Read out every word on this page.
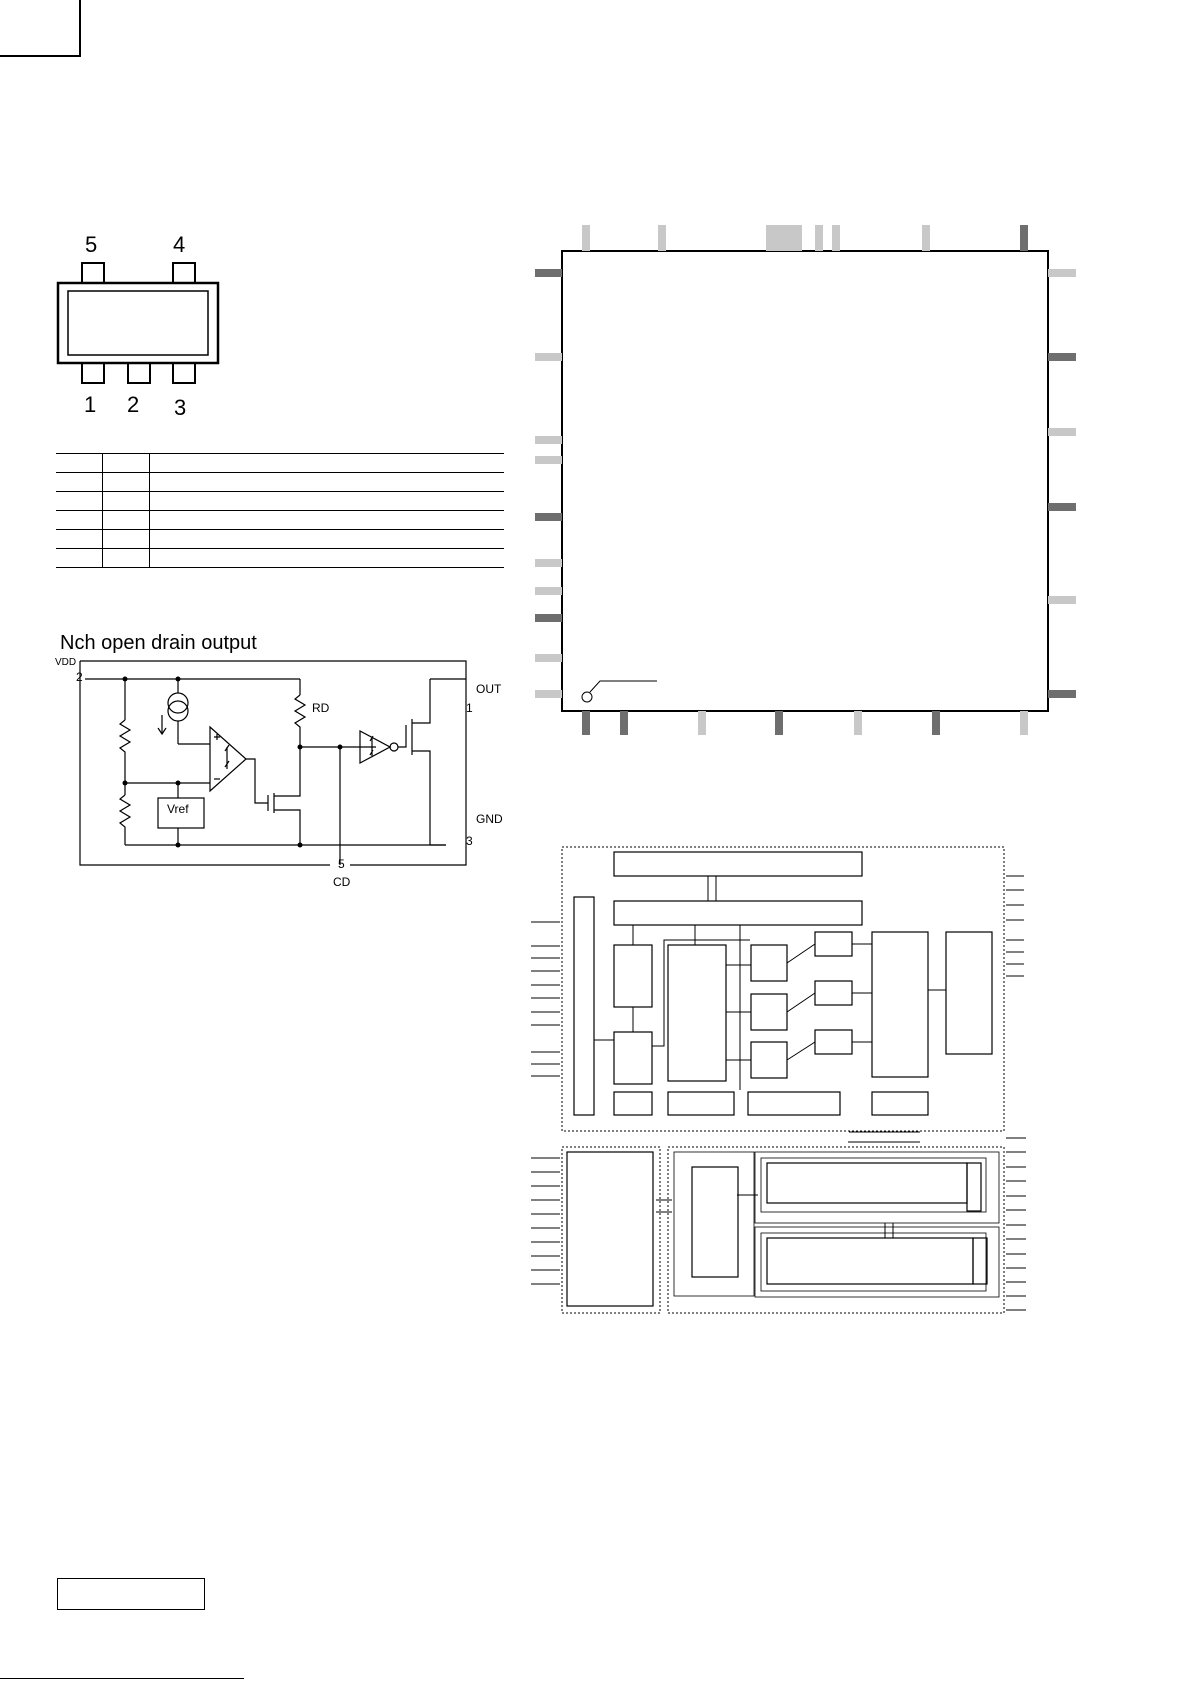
5	4
1 2 3

Nch open drain output
VDD
2
RD
OUT
1
Vref
GND
3
5
CD
